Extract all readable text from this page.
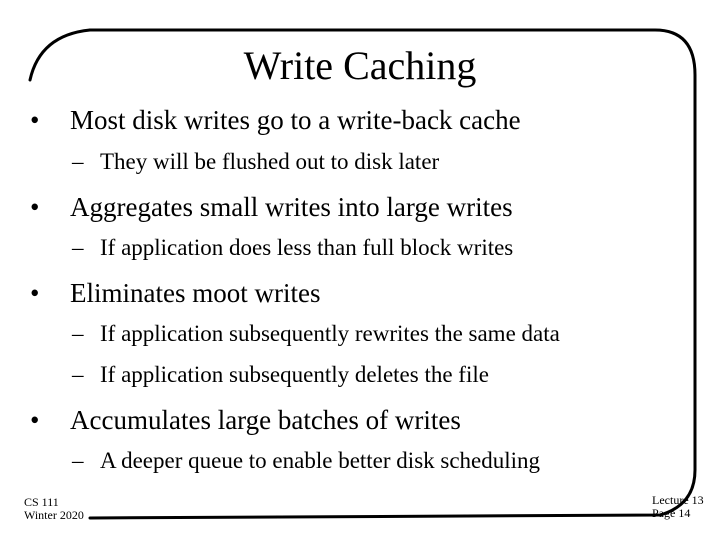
Write Caching
• Most disk writes go to a write-back cache
– They will be flushed out to disk later
• Aggregates small writes into large writes
– If application does less than full block writes
• Eliminates moot writes
– If application subsequently rewrites the same data
– If application subsequently deletes the file
• Accumulates large batches of writes
– A deeper queue to enable better disk scheduling
CS 111
Winter 2020
Lecture 13
Page 14
